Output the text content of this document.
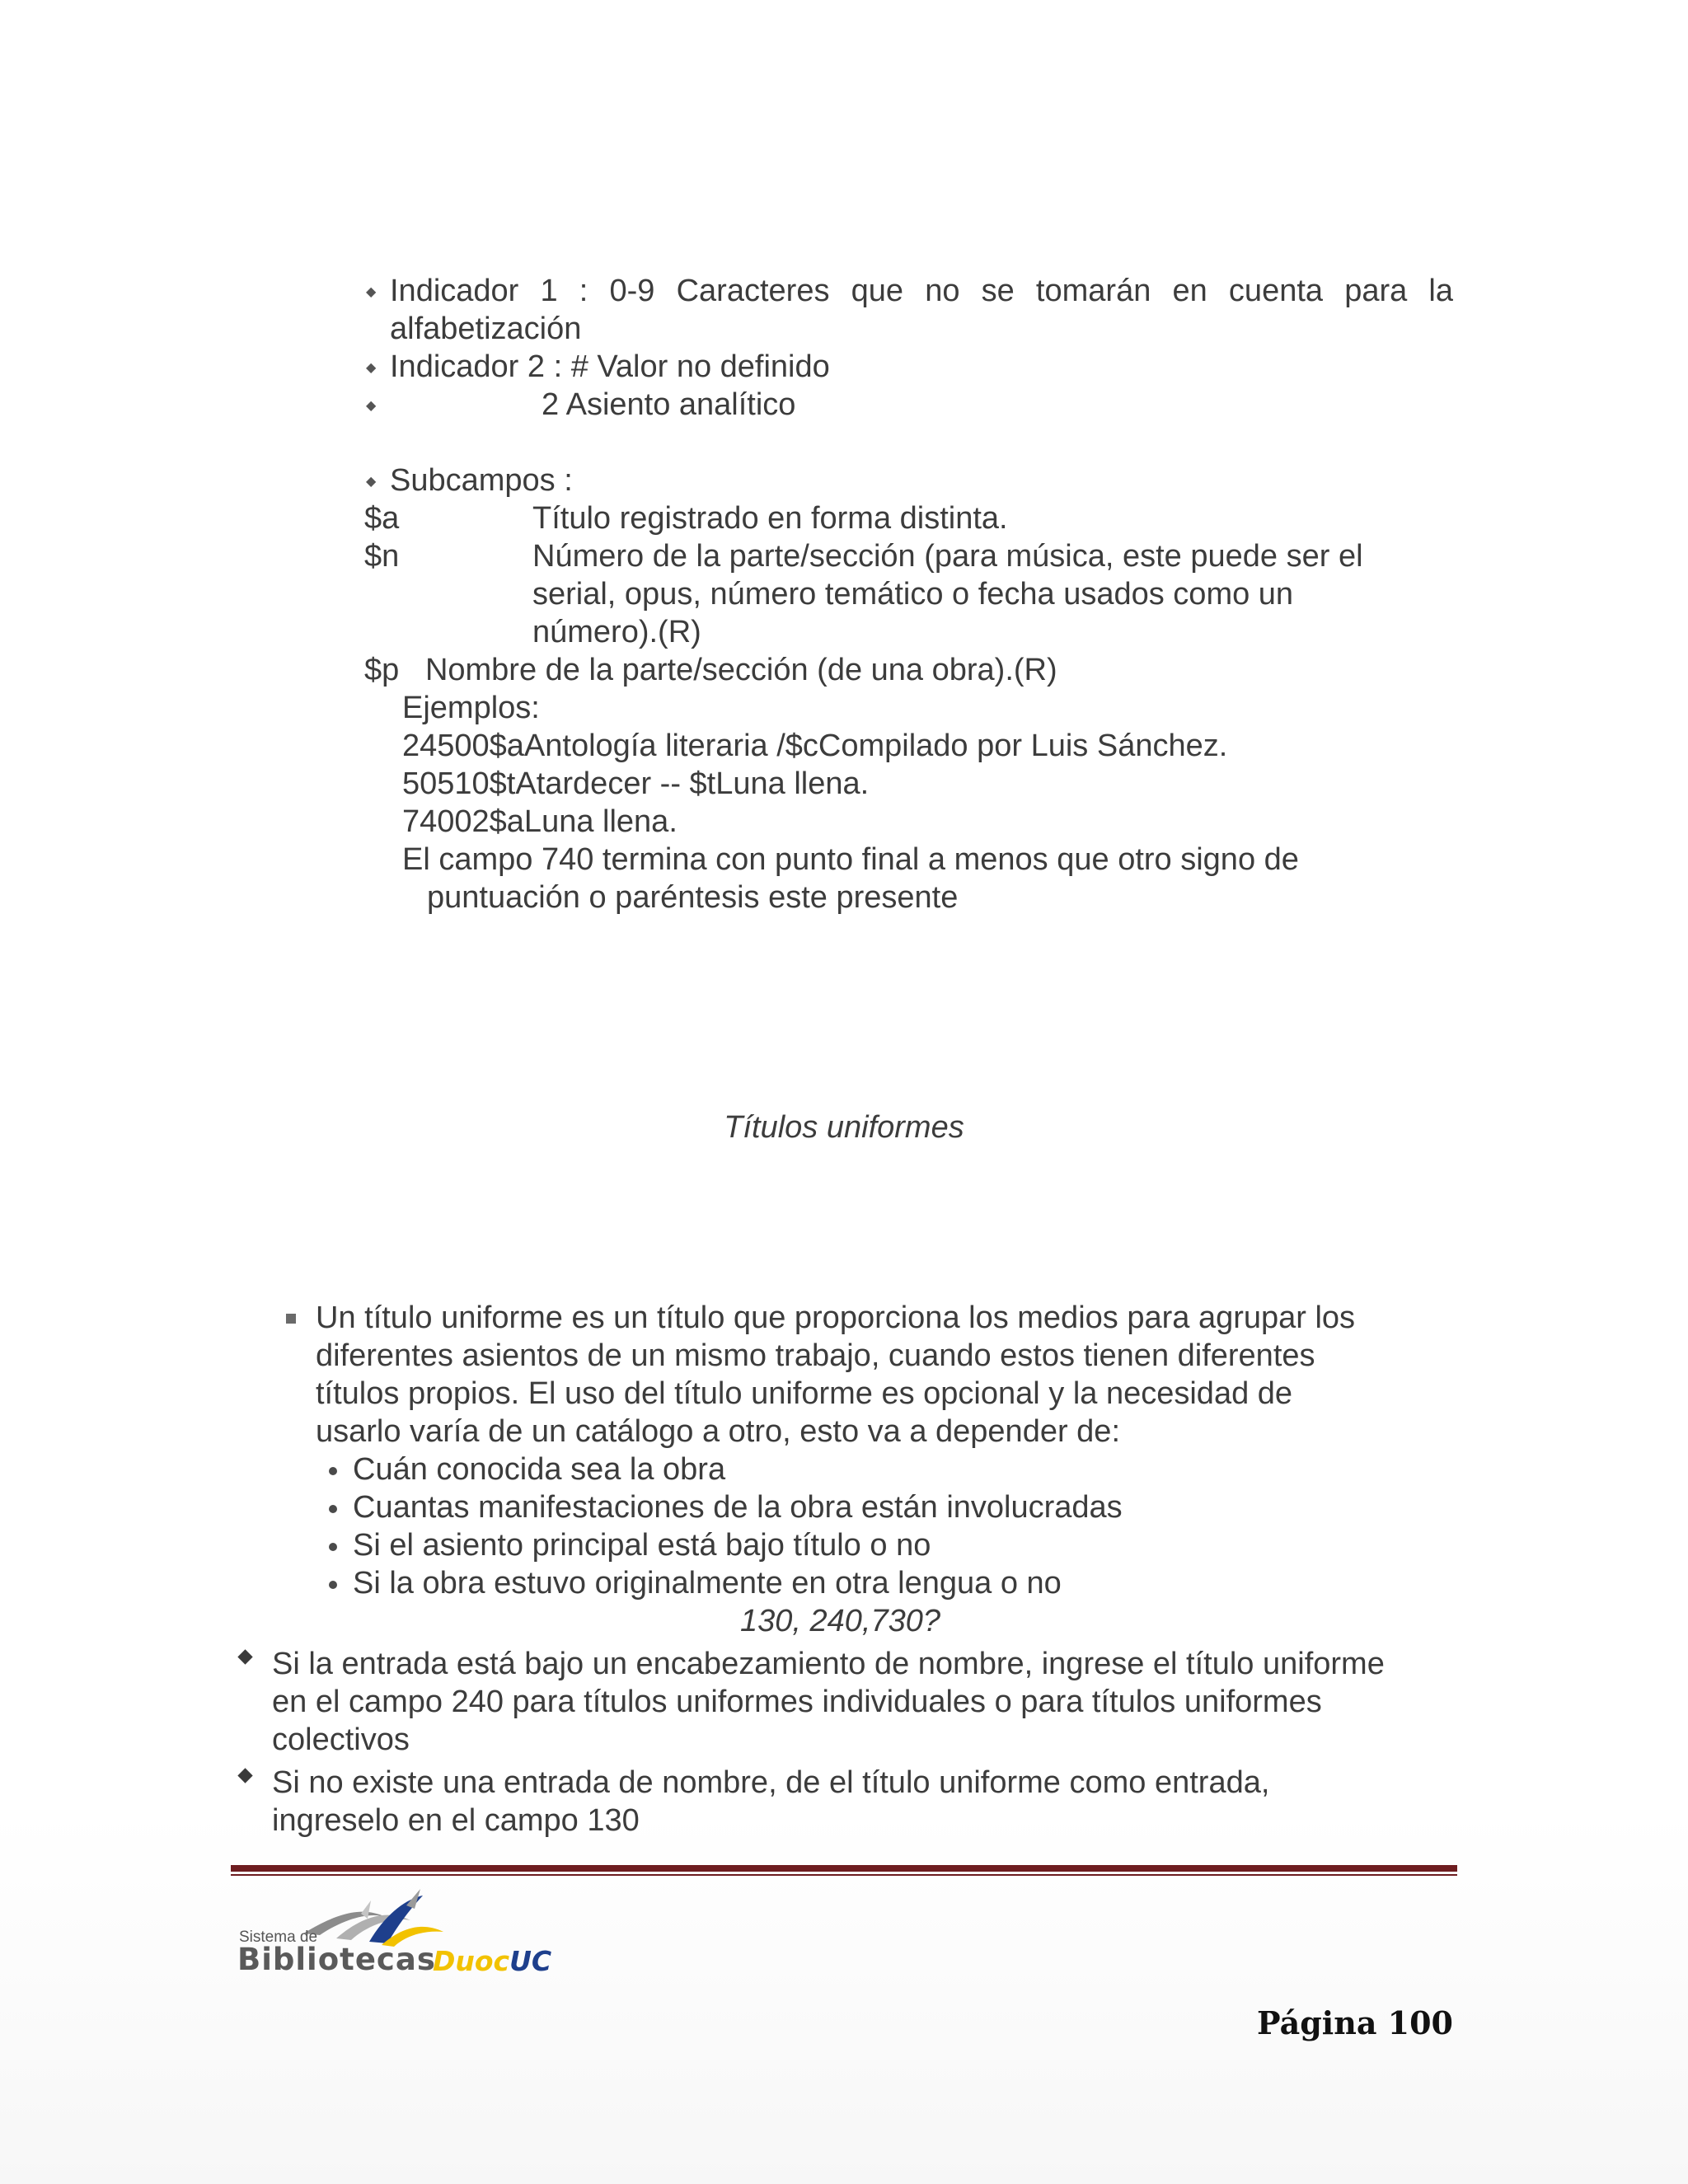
◆ Indicador 1 : 0-9 Caracteres que no se tomarán en cuenta para la
alfabetización
◆ Indicador 2 : # Valor no definido
◆	2 Asiento analítico
◆ Subcampos :
$a	Título registrado en forma distinta.
$n	Número de la parte/sección (para música, este puede ser el
serial, opus, número temático o fecha usados como un
número).(R)
$p   Nombre de la parte/sección (de una obra).(R)
Ejemplos:
24500$aAntología literaria /$cCompilado por Luis Sánchez.
50510$tAtardecer -- $tLuna llena.
74002$aLuna llena.
El campo 740 termina con punto final a menos que otro signo de
puntuación o paréntesis este presente
Títulos uniformes
Un título uniforme es un título que proporciona los medios para agrupar los
diferentes asientos de un mismo trabajo, cuando estos tienen diferentes
títulos propios. El uso del título uniforme es opcional y la necesidad de
usarlo varía de un catálogo a otro, esto va a depender de:
Cuán conocida sea la obra
Cuantas manifestaciones de la obra están involucradas
Si el asiento principal está bajo título o no
Si la obra estuvo originalmente en otra lengua o no
130, 240,730?
Si la entrada está bajo un encabezamiento de nombre, ingrese el título uniforme
en el campo 240 para títulos uniformes individuales o para títulos uniformes
colectivos
Si no existe una entrada de nombre, de el título uniforme como entrada,
ingreselo en el campo 130
Sistema de
Bibliotecas
DuocUC
Página 100
